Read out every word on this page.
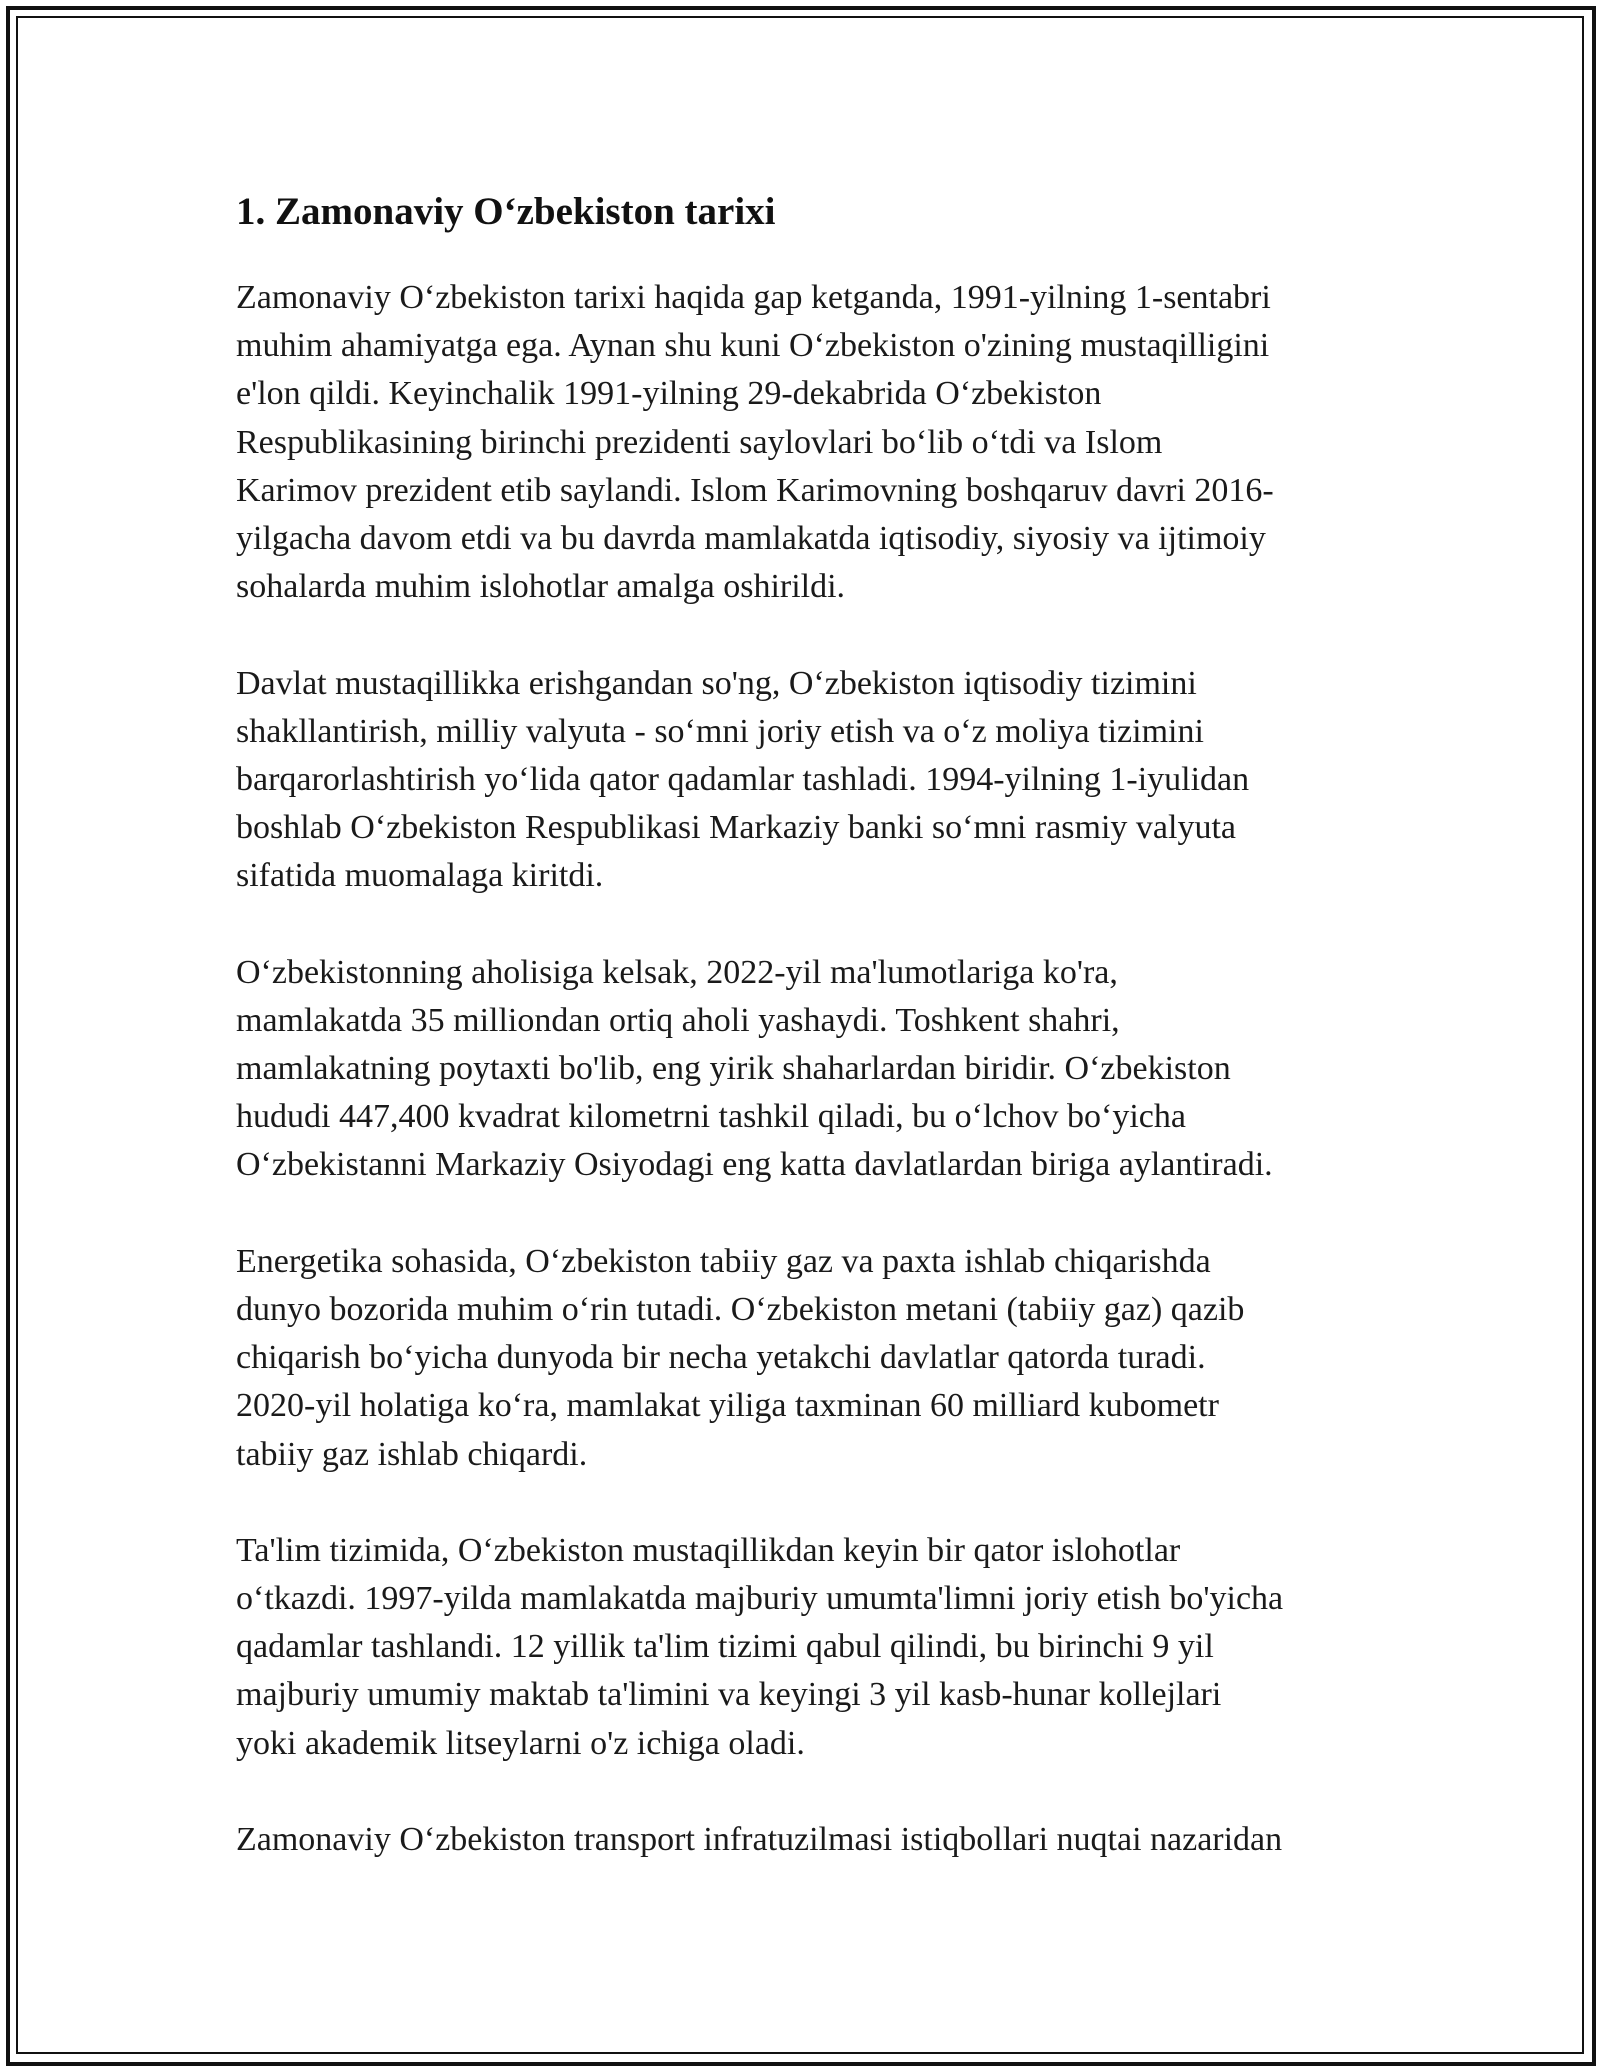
1. Zamonaviy O‘zbekiston tarixi
Zamonaviy O‘zbekiston tarixi haqida gap ketganda, 1991-yilning 1-sentabri
muhim ahamiyatga ega. Aynan shu kuni O‘zbekiston o'zining mustaqilligini
e'lon qildi. Keyinchalik 1991-yilning 29-dekabrida O‘zbekiston
Respublikasining birinchi prezidenti saylovlari bo‘lib o‘tdi va Islom
Karimov prezident etib saylandi. Islom Karimovning boshqaruv davri 2016-
yilgacha davom etdi va bu davrda mamlakatda iqtisodiy, siyosiy va ijtimoiy
sohalarda muhim islohotlar amalga oshirildi.
Davlat mustaqillikka erishgandan so'ng, O‘zbekiston iqtisodiy tizimini
shakllantirish, milliy valyuta - so‘mni joriy etish va o‘z moliya tizimini
barqarorlashtirish yo‘lida qator qadamlar tashladi. 1994-yilning 1-iyulidan
boshlab O‘zbekiston Respublikasi Markaziy banki so‘mni rasmiy valyuta
sifatida muomalaga kiritdi.
O‘zbekistonning aholisiga kelsak, 2022-yil ma'lumotlariga ko'ra,
mamlakatda 35 milliondan ortiq aholi yashaydi. Toshkent shahri,
mamlakatning poytaxti bo'lib, eng yirik shaharlardan biridir. O‘zbekiston
hududi 447,400 kvadrat kilometrni tashkil qiladi, bu o‘lchov bo‘yicha
O‘zbekistanni Markaziy Osiyodagi eng katta davlatlardan biriga aylantiradi.
Energetika sohasida, O‘zbekiston tabiiy gaz va paxta ishlab chiqarishda
dunyo bozorida muhim o‘rin tutadi. O‘zbekiston metani (tabiiy gaz) qazib
chiqarish bo‘yicha dunyoda bir necha yetakchi davlatlar qatorda turadi.
2020-yil holatiga ko‘ra, mamlakat yiliga taxminan 60 milliard kubometr
tabiiy gaz ishlab chiqardi.
Ta'lim tizimida, O‘zbekiston mustaqillikdan keyin bir qator islohotlar
o‘tkazdi. 1997-yilda mamlakatda majburiy umumta'limni joriy etish bo'yicha
qadamlar tashlandi. 12 yillik ta'lim tizimi qabul qilindi, bu birinchi 9 yil
majburiy umumiy maktab ta'limini va keyingi 3 yil kasb-hunar kollejlari
yoki akademik litseylarni o'z ichiga oladi.
Zamonaviy O‘zbekiston transport infratuzilmasi istiqbollari nuqtai nazaridan
